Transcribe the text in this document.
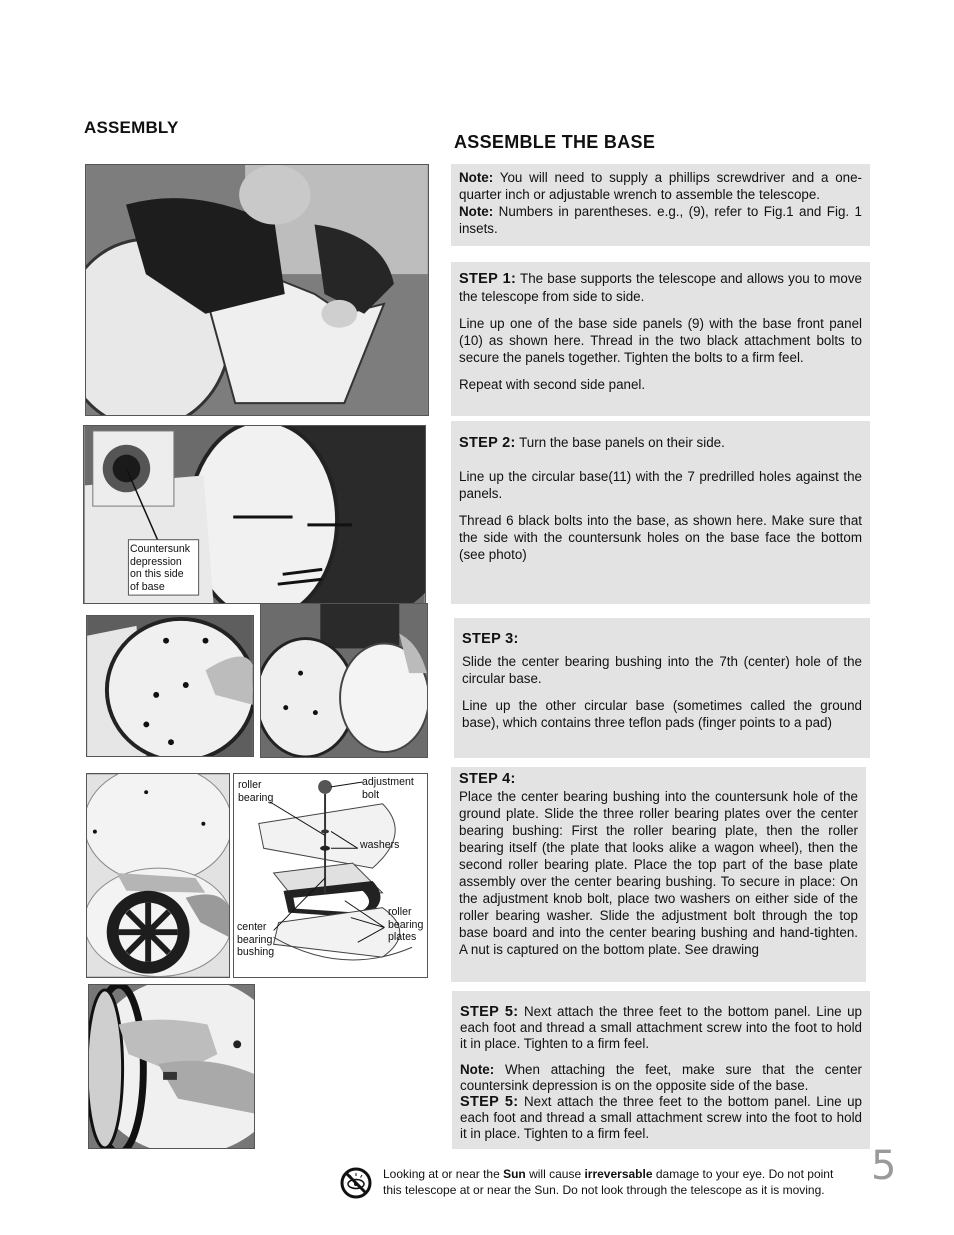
ASSEMBLY
ASSEMBLE THE BASE

Note: You will need to supply a phillips screwdriver and a one-quarter inch or adjustable wrench to assemble the telescope.

Note: Numbers in parentheses. e.g., (9), refer to Fig.1 and Fig. 1 insets.

STEP 1: The base supports the telescope and allows you to move the telescope from side to side.

Line up one of the base side panels (9) with the base front panel (10) as shown here. Thread in the two black attachment bolts to secure the panels together. Tighten the bolts to a firm feel.

Repeat with second side panel.

STEP 2: Turn the base panels on their side.

Line up the circular base(11) with the 7 predrilled holes against the panels.

Thread 6 black bolts into the base, as shown here. Make sure that the side with the countersunk holes on the base face the bottom (see photo)

STEP 3:

Slide the center bearing bushing into the 7th (center) hole of the circular base.

Line up the other circular base (sometimes called the ground base), which contains three teflon pads (finger points to a pad)

STEP 4:

Place the center bearing bushing into the countersunk hole of the ground plate. Slide the three roller bearing plates over the center bearing bushing: First the roller bearing plate, then the roller bearing itself (the plate that looks alike a wagon wheel), then the second roller bearing plate. Place the top part of the base plate assembly over the center bearing bushing. To secure in place: On the adjustment knob bolt, place two washers on either side of the roller bearing washer. Slide the adjustment bolt through the top base board and into the center bearing bushing and hand-tighten. A nut is captured on the bottom plate. See drawing

STEP 5: Next attach the three feet to the bottom panel. Line up each foot and thread a small attachment screw into the foot to hold it in place. Tighten to a firm feel.

Note: When attaching the feet, make sure that the center countersink depression is on the opposite side of the base.

STEP 5: Next attach the three feet to the bottom panel. Line up each foot and thread a small attachment screw into the foot to hold it in place. Tighten to a firm feel.

Countersunk
depression
on this side
of base
roller
bearing
adjustment
bolt
washers
roller
bearing
plates
center
bearing
bushing
Looking at or near the Sun will cause irreversable damage to your eye. Do not point
this telescope at or near the Sun. Do not look through the telescope as it is moving.
5
